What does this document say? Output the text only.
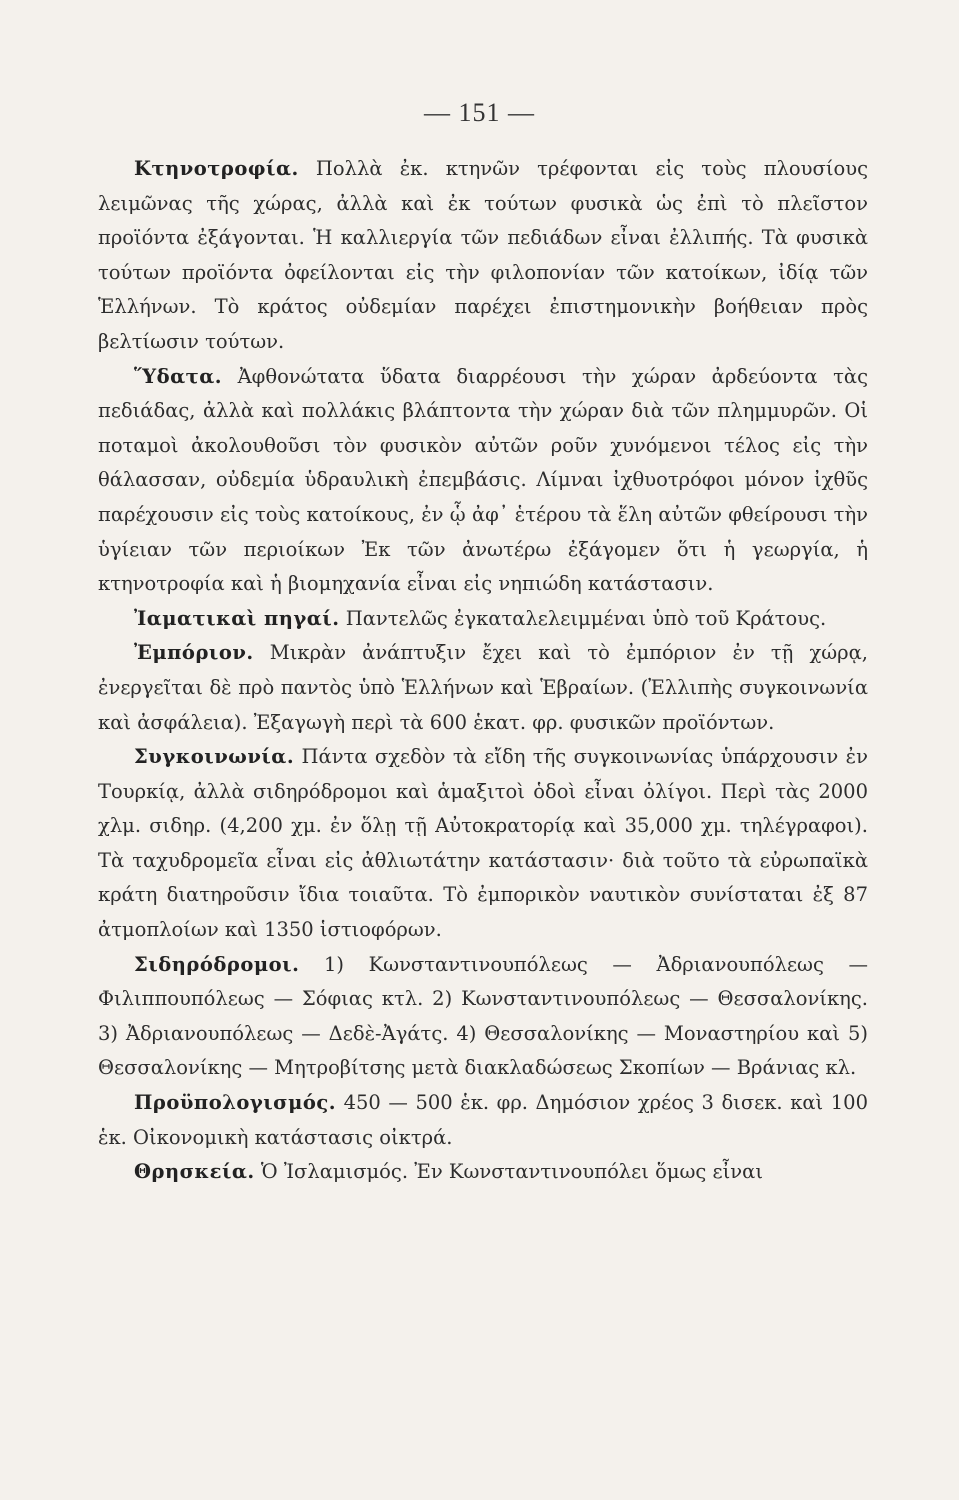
— 151 —

Κτηνοτροφία. Πολλὰ ἐκ. κτηνῶν τρέφονται εἰς τοὺς πλουσίους λειμῶνας τῆς χώρας, ἀλλὰ καὶ ἐκ τούτων φυσικὰ ὡς ἐπὶ τὸ πλεῖστον προϊόντα ἐξάγονται. Ἡ καλλιεργία τῶν πεδιάδων εἶναι ἐλλιπής. Τὰ φυσικὰ τούτων προϊόντα ὀφείλονται εἰς τὴν φιλοπονίαν τῶν κατοίκων, ἰδίᾳ τῶν Ἑλλήνων. Τὸ κράτος οὐδεμίαν παρέχει ἐπιστημονικὴν βοήθειαν πρὸς βελτίωσιν τούτων.

Ὕδατα. Ἀφθονώτατα ὕδατα διαρρέουσι τὴν χώραν ἀρδεύοντα τὰς πεδιάδας, ἀλλὰ καὶ πολλάκις βλάπτοντα τὴν χώραν διὰ τῶν πλημμυρῶν. Οἱ ποταμοὶ ἀκολουθοῦσι τὸν φυσικὸν αὐτῶν ροῦν χυνόμενοι τέλος εἰς τὴν θάλασσαν, οὐδεμία ὑδραυλικὴ ἐπεμβάσις. Λίμναι ἰχθυοτρόφοι μόνον ἰχθῦς παρέχουσιν εἰς τοὺς κατοίκους, ἐν ᾧ ἀφ᾽ ἑτέρου τὰ ἕλη αὐτῶν φθείρουσι τὴν ὑγίειαν τῶν περιοίκων Ἐκ τῶν ἀνωτέρω ἐξάγομεν ὅτι ἡ γεωργία, ἡ κτηνοτροφία καὶ ἡ βιομηχανία εἶναι εἰς νηπιώδη κατάστασιν.

Ἰαματικαὶ πηγαί. Παντελῶς ἐγκαταλελειμμέναι ὑπὸ τοῦ Κράτους.

Ἐμπόριον. Μικρὰν ἀνάπτυξιν ἔχει καὶ τὸ ἐμπόριον ἐν τῇ χώρᾳ, ἐνεργεῖται δὲ πρὸ παντὸς ὑπὸ Ἑλλήνων καὶ Ἑβραίων. (Ἐλλιπὴς συγκοινωνία καὶ ἀσφάλεια). Ἐξαγωγὴ περὶ τὰ 600 ἑκατ. φρ. φυσικῶν προϊόντων.

Συγκοινωνία. Πάντα σχεδὸν τὰ εἴδη τῆς συγκοινωνίας ὑπάρχουσιν ἐν Τουρκίᾳ, ἀλλὰ σιδηρόδρομοι καὶ ἁμαξιτοὶ ὁδοὶ εἶναι ὀλίγοι. Περὶ τὰς 2000 χλμ. σιδηρ. (4,200 χμ. ἐν ὅλῃ τῇ Αὐτοκρατορίᾳ καὶ 35,000 χμ. τηλέγραφοι). Τὰ ταχυδρομεῖα εἶναι εἰς ἀθλιωτάτην κατάστασιν· διὰ τοῦτο τὰ εὐρωπαϊκὰ κράτη διατηροῦσιν ἴδια τοιαῦτα. Τὸ ἐμπορικὸν ναυτικὸν συνίσταται ἐξ 87 ἀτμοπλοίων καὶ 1350 ἱστιοφόρων.

Σιδηρόδρομοι. 1) Κωνσταντινουπόλεως — Ἀδριανουπόλεως — Φιλιππουπόλεως — Σόφιας κτλ. 2) Κωνσταντινουπόλεως — Θεσσαλονίκης. 3) Ἀδριανουπόλεως — Δεδὲ-Ἀγάτς. 4) Θεσσαλονίκης — Μοναστηρίου καὶ 5) Θεσσαλονίκης — Μητροβίτσης μετὰ διακλαδώσεως Σκοπίων — Βράνιας κλ.

Προϋπολογισμός. 450 — 500 ἑκ. φρ. Δημόσιον χρέος 3 δισεκ. καὶ 100 ἑκ. Οἰκονομικὴ κατάστασις οἰκτρά.

Θρησκεία. Ὁ Ἰσλαμισμός. Ἐν Κωνσταντινουπόλει ὅμως εἶναι
